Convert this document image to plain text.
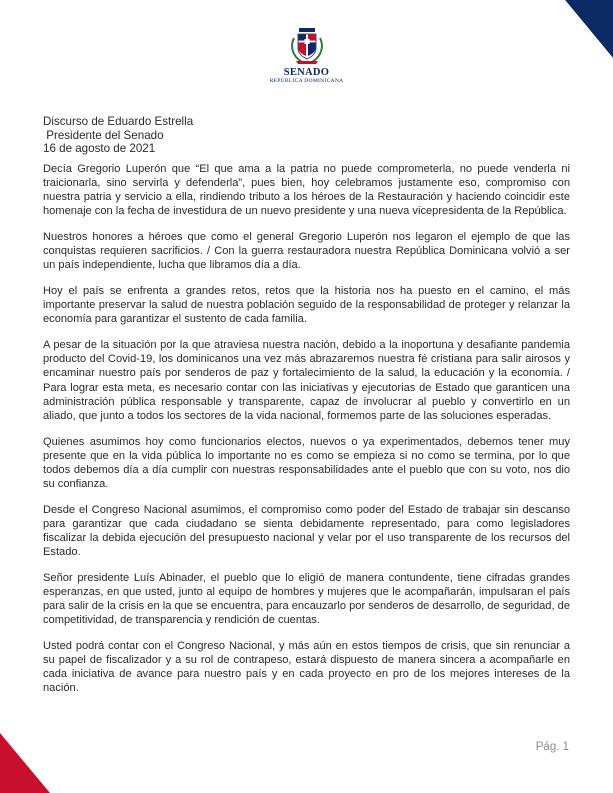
SENADO
REPÚBLICA DOMINICANA
Discurso de Eduardo Estrella
Presidente del Senado
16 de agosto de 2021

Decía Gregorio Luperón que “El que ama a la patria no puede comprometerla, no puede venderla ni traicionarla, sino servirla y defenderla”, pues bien, hoy celebramos justamente eso, compromiso con nuestra patria y servicio a ella, rindiendo tributo a los héroes de la Restauración y haciendo coincidir este homenaje con la fecha de investidura de un nuevo presidente y una nueva vicepresidenta de la República.

Nuestros honores a héroes que como el general Gregorio Luperón nos legaron el ejemplo de que las conquistas requieren sacrificios. / Con la guerra restauradora nuestra República Dominicana volvió a ser un país independiente, lucha que libramos día a día.

Hoy el país se enfrenta a grandes retos, retos que la historia nos ha puesto en el camino, el más importante preservar la salud de nuestra población seguido de la responsabilidad de proteger y relanzar la economía para garantizar el sustento de cada familia.

A pesar de la situación por la que atraviesa nuestra nación, debido a la inoportuna y desafiante pandemia producto del Covid-19, los dominicanos una vez más abrazaremos nuestra fé cristiana para salir airosos y encaminar nuestro país por senderos de paz y fortalecimiento de la salud, la educación y la economía. / Para lograr esta meta, es necesario contar con las iniciativas y ejecutorias de Estado que garanticen una administración pública responsable y transparente, capaz de involucrar al pueblo y convertirlo en un aliado, que junto a todos los sectores de la vida nacional, formemos parte de las soluciones esperadas.

Quienes asumimos hoy como funcionarios electos, nuevos o ya experimentados, debemos tener muy presente que en la vida pública lo importante no es como se empieza si no como se termina, por lo que todos debemos día a día cumplir con nuestras responsabilidades ante el pueblo que con su voto, nos dio su confianza.

Desde el Congreso Nacional asumimos, el compromiso como poder del Estado de trabajar sin descanso para garantizar que cada ciudadano se sienta debidamente representado, para como legisladores fiscalizar la debida ejecución del presupuesto nacional y velar por el uso transparente de los recursos del Estado.

Señor presidente Luís Abinader, el pueblo que lo eligió de manera contundente, tiene cifradas grandes esperanzas, en que usted, junto al equipo de hombres y mujeres que le acompañarán, impulsaran el país para salir de la crisis en la que se encuentra, para encauzarlo por senderos de desarrollo, de seguridad, de competitividad, de transparencia y rendición de cuentas.

Usted podrá contar con el Congreso Nacional, y más aún en estos tiempos de crisis, que sin renunciar a su papel de fiscalizador y a su rol de contrapeso, estará dispuesto de manera sincera a acompañarle en cada iniciativa de avance para nuestro país y en cada proyecto en pro de los mejores intereses de la nación.

Pág. 1
